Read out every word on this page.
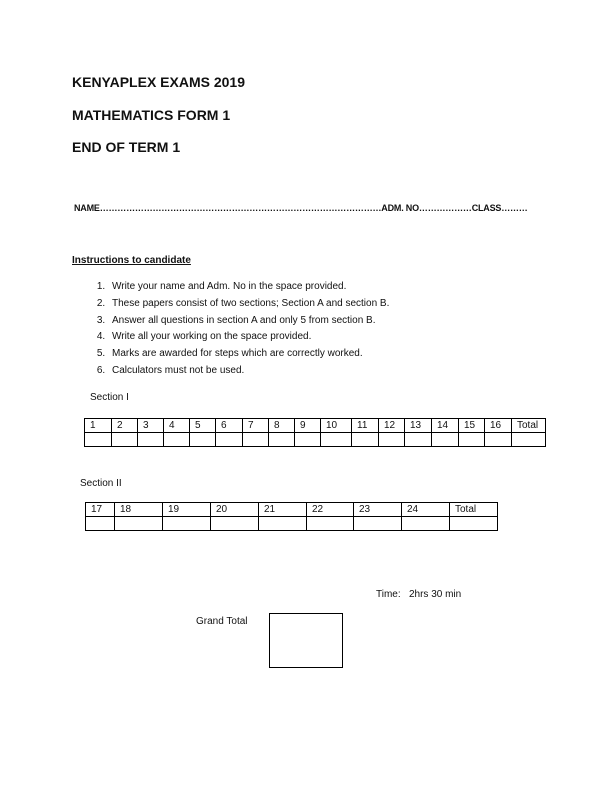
KENYAPLEX EXAMS 2019
MATHEMATICS FORM 1
END OF TERM 1
NAME……………………………………………………………………………………ADM. NO………………CLASS………
Instructions to candidate
1. Write your name and Adm. No in the space provided.
2. These papers consist of two sections; Section A and section B.
3. Answer all questions in section A and only 5 from section B.
4. Write all your working on the space provided.
5. Marks are awarded for steps which are correctly worked.
6. Calculators must not be used.
Section I
1	2	3	4	5	6	7	8	9	10	11	12	13	14	15	16	Total

Section II
17	18	19	20	21	22	23	24	Total

Time:   2hrs 30 min
Grand Total
